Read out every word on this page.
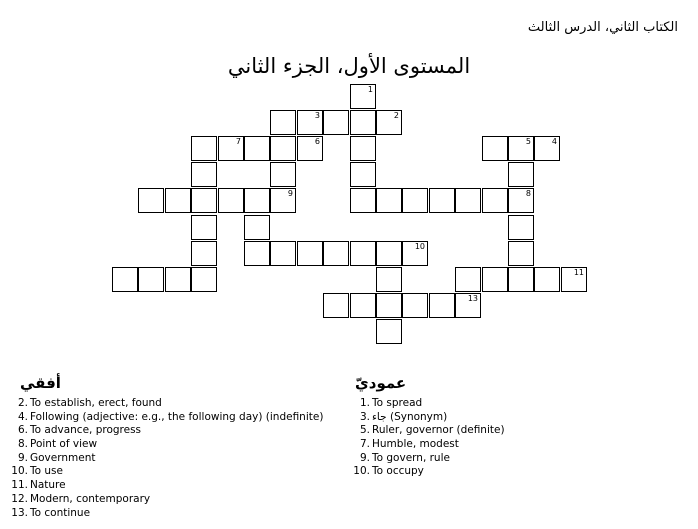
الكتاب الثاني، الدرس الثالث
المستوى الأول، الجزء الثاني
1
3	2
7	6	5	4
9	8
10
11
13
أفقي
2. To establish, erect, found
4. Following (adjective: e.g., the following day) (indefinite)
6. To advance, progress
8. Point of view
9. Government
10. To use
11. Nature
12. Modern, contemporary
13. To continue
عموديّ
1. To spread
3. جاء (Synonym)
5. Ruler, governor (definite)
7. Humble, modest
9. To govern, rule
10. To occupy
